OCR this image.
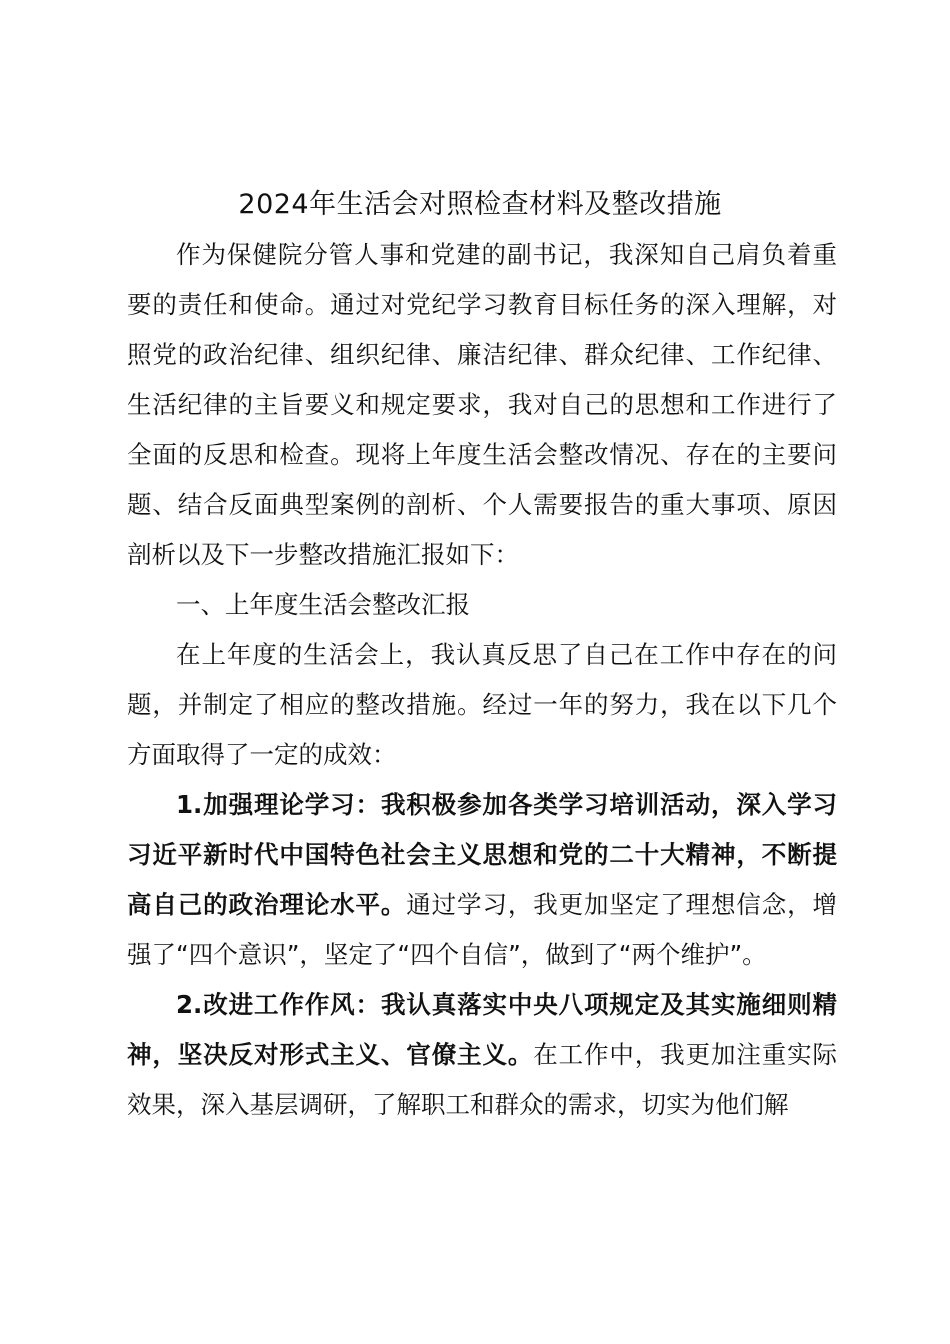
2024年生活会对照检查材料及整改措施

作为保健院分管人事和党建的副书记，我深知自己肩负着重要的责任和使命。通过对党纪学习教育目标任务的深入理解，对照党的政治纪律、组织纪律、廉洁纪律、群众纪律、工作纪律、生活纪律的主旨要义和规定要求，我对自己的思想和工作进行了全面的反思和检查。现将上年度生活会整改情况、存在的主要问题、结合反面典型案例的剖析、个人需要报告的重大事项、原因剖析以及下一步整改措施汇报如下：

一、上年度生活会整改汇报

在上年度的生活会上，我认真反思了自己在工作中存在的问题，并制定了相应的整改措施。经过一年的努力，我在以下几个方面取得了一定的成效：

1.加强理论学习：我积极参加各类学习培训活动，深入学习习近平新时代中国特色社会主义思想和党的二十大精神，不断提高自己的政治理论水平。通过学习，我更加坚定了理想信念，增强了“四个意识”，坚定了“四个自信”，做到了“两个维护”。

2.改进工作作风：我认真落实中央八项规定及其实施细则精神，坚决反对形式主义、官僚主义。在工作中，我更加注重实际效果，深入基层调研，了解职工和群众的需求，切实为他们解
